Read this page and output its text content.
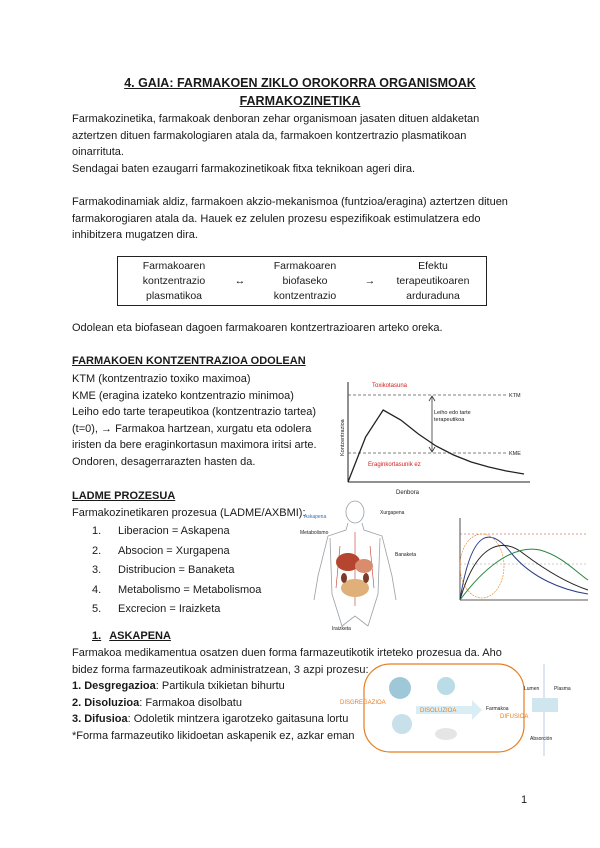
4. GAIA: FARMAKOEN ZIKLO OROKORRA ORGANISMOAK
FARMAKOZINETIKA
Farmakozinetika, farmakoak denboran zehar organismoan jasaten dituen aldaketan
aztertzen dituen farmakologiaren atala da, farmakoen kontzertrazio plasmatikoan
oinarrituta.
Sendagai baten ezaugarri farmakozinetikoak fitxa teknikoan ageri dira.
Farmakodinamiak aldiz, farmakoen akzio-mekanismoa (funtzioa/eragina) aztertzen dituen
farmakorogiaren atala da. Hauek ez zelulen prozesu espezifikoak estimulatzera edo
inhibitzera mugatzen dira.
Farmakoaren
kontzentrazio
plasmatikoa
	↔	
Farmakoaren
biofaseko
kontzentrazio
	→	
Efektu
terapeutikoaren
arduraduna
Odolean eta biofasean dagoen farmakoaren kontzertrazioaren arteko oreka.
FARMAKOEN KONTZENTRAZIOA ODOLEAN
KTM (kontzentrazio toxiko maximoa)
KME (eragina izateko kontzentrazio minimoa)
Leiho edo tarte terapeutikoa (kontzentrazio tartea)
(t=0), → Farmakoa hartzean, xurgatu eta odolera
iristen da bere eraginkortasun maximora iritsi arte.
Ondoren, desagerrarazten hasten da.
Toxikotasuna
Eraginkortasunik ez
KTM
KME
Leiho edo tarte terapeutikoa
Denbora
Kontzentrazioa
LADME PROZESUA
Farmakozinetikaren prozesua (LADME/AXBMI):
1. Liberacion = Askapena
2. Absocion = Xurgapena
3. Distribucion = Banaketa
4. Metabolismo = Metabolismoa
5. Excrecion = Iraizketa
Metabolismo
Xurgapena
Banaketa
Iraizketa
Askapena
1. ASKAPENA
Farmakoa medikamentua osatzen duen forma farmazeutikotik irteteko prozesua da. Aho
bidez forma farmazeutikoak administratzean, 3 azpi prozesu:
1. Desgregazioa: Partikula txikietan bihurtu
2. Disoluzioa: Farmakoa disolbatu
3. Difusioa: Odoletik mintzera igarotzeko gaitasuna lortu
*Forma farmazeutiko likidoetan askapenik ez, azkar eman
DISGREGAZIOA
DISOLUZIOA	Farmakoa
DIFUSIOA
Lumen	Plasma
Absorción
1
